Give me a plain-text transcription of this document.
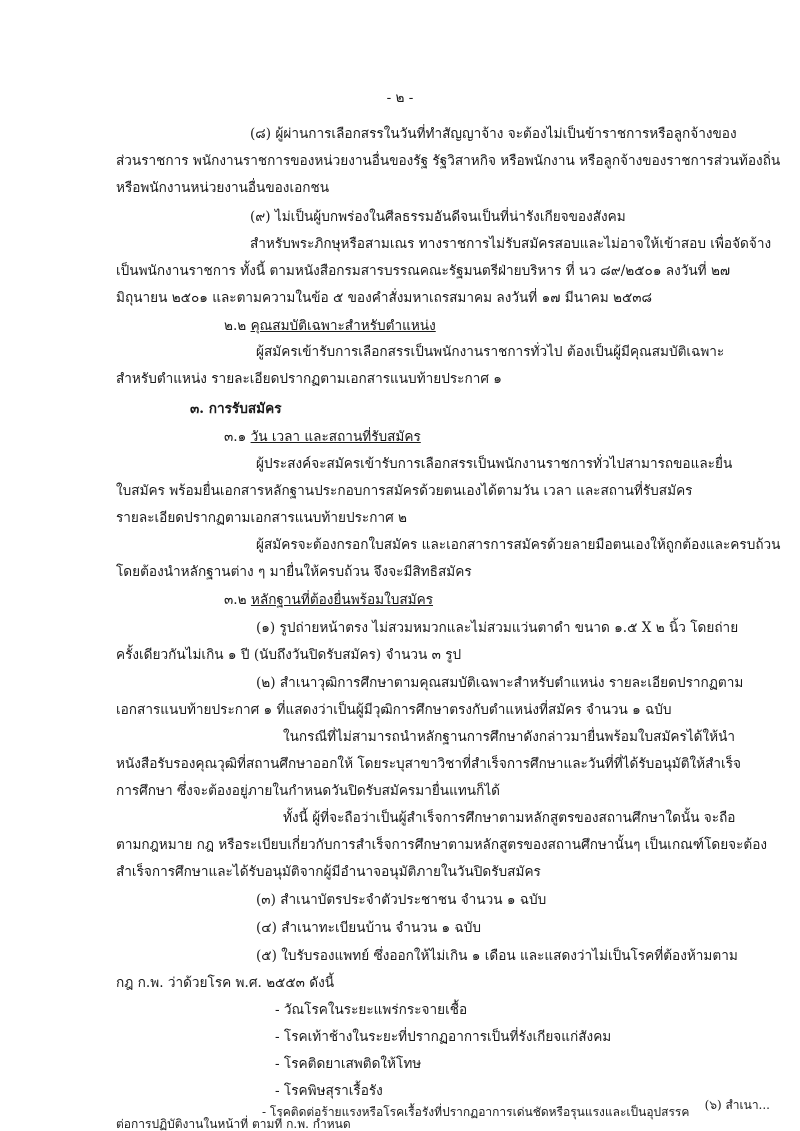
- ๒ -
(๘) ผู้ผ่านการเลือกสรรในวันที่ทำสัญญาจ้าง จะต้องไม่เป็นข้าราชการหรือลูกจ้างของ
ส่วนราชการ พนักงานราชการของหน่วยงานอื่นของรัฐ รัฐวิสาหกิจ หรือพนักงาน หรือลูกจ้างของราชการส่วนท้องถิ่น
หรือพนักงานหน่วยงานอื่นของเอกชน
(๙) ไม่เป็นผู้บกพร่องในศีลธรรมอันดีจนเป็นที่น่ารังเกียจของสังคม
สำหรับพระภิกษุหรือสามเณร ทางราชการไม่รับสมัครสอบและไม่อาจให้เข้าสอบ เพื่อจัดจ้าง
เป็นพนักงานราชการ ทั้งนี้ ตามหนังสือกรมสารบรรณคณะรัฐมนตรีฝ่ายบริหาร ที่ นว ๘๙/๒๕๐๑ ลงวันที่ ๒๗
มิถุนายน ๒๕๐๑ และตามความในข้อ ๕ ของคำสั่งมหาเถรสมาคม ลงวันที่ ๑๗ มีนาคม ๒๕๓๘
๒.๒ คุณสมบัติเฉพาะสำหรับตำแหน่ง
ผู้สมัครเข้ารับการเลือกสรรเป็นพนักงานราชการทั่วไป ต้องเป็นผู้มีคุณสมบัติเฉพาะ
สำหรับตำแหน่ง รายละเอียดปรากฏตามเอกสารแนบท้ายประกาศ ๑
๓. การรับสมัคร
๓.๑ วัน เวลา และสถานที่รับสมัคร
ผู้ประสงค์จะสมัครเข้ารับการเลือกสรรเป็นพนักงานราชการทั่วไปสามารถขอและยื่น
ใบสมัคร พร้อมยื่นเอกสารหลักฐานประกอบการสมัครด้วยตนเองได้ตามวัน เวลา และสถานที่รับสมัคร
รายละเอียดปรากฏตามเอกสารแนบท้ายประกาศ ๒
ผู้สมัครจะต้องกรอกใบสมัคร และเอกสารการสมัครด้วยลายมือตนเองให้ถูกต้องและครบถ้วน
โดยต้องนำหลักฐานต่าง ๆ มายื่นให้ครบถ้วน จึงจะมีสิทธิสมัคร
๓.๒ หลักฐานที่ต้องยื่นพร้อมใบสมัคร
(๑) รูปถ่ายหน้าตรง ไม่สวมหมวกและไม่สวมแว่นตาดำ ขนาด ๑.๕ X ๒ นิ้ว โดยถ่าย
ครั้งเดียวกันไม่เกิน ๑ ปี (นับถึงวันปิดรับสมัคร) จำนวน ๓ รูป
(๒) สำเนาวุฒิการศึกษาตามคุณสมบัติเฉพาะสำหรับตำแหน่ง รายละเอียดปรากฏตาม
เอกสารแนบท้ายประกาศ ๑ ที่แสดงว่าเป็นผู้มีวุฒิการศึกษาตรงกับตำแหน่งที่สมัคร จำนวน ๑ ฉบับ
ในกรณีที่ไม่สามารถนำหลักฐานการศึกษาดังกล่าวมายื่นพร้อมใบสมัครได้ให้นำ
หนังสือรับรองคุณวุฒิที่สถานศึกษาออกให้ โดยระบุสาขาวิชาที่สำเร็จการศึกษาและวันที่ที่ได้รับอนุมัติให้สำเร็จ
การศึกษา ซึ่งจะต้องอยู่ภายในกำหนดวันปิดรับสมัครมายื่นแทนก็ได้
ทั้งนี้ ผู้ที่จะถือว่าเป็นผู้สำเร็จการศึกษาตามหลักสูตรของสถานศึกษาใดนั้น จะถือ
ตามกฎหมาย กฎ หรือระเบียบเกี่ยวกับการสำเร็จการศึกษาตามหลักสูตรของสถานศึกษานั้นๆ เป็นเกณฑ์โดยจะต้อง
สำเร็จการศึกษาและได้รับอนุมัติจากผู้มีอำนาจอนุมัติภายในวันปิดรับสมัคร
(๓) สำเนาบัตรประจำตัวประชาชน จำนวน ๑ ฉบับ
(๔) สำเนาทะเบียนบ้าน จำนวน ๑ ฉบับ
(๕) ใบรับรองแพทย์ ซึ่งออกให้ไม่เกิน ๑ เดือน และแสดงว่าไม่เป็นโรคที่ต้องห้ามตาม
กฎ ก.พ. ว่าด้วยโรค พ.ศ. ๒๕๕๓ ดังนี้
- วัณโรคในระยะแพร่กระจายเชื้อ
- โรคเท้าช้างในระยะที่ปรากฏอาการเป็นที่รังเกียจแก่สังคม
- โรคติดยาเสพติดให้โทษ
- โรคพิษสุราเรื้อรัง
- โรคติดต่อร้ายแรงหรือโรคเรื้อรังที่ปรากฏอาการเด่นชัดหรือรุนแรงและเป็นอุปสรรค
ต่อการปฏิบัติงานในหน้าที่ ตามที่ ก.พ. กำหนด
(๖) สำเนา...
